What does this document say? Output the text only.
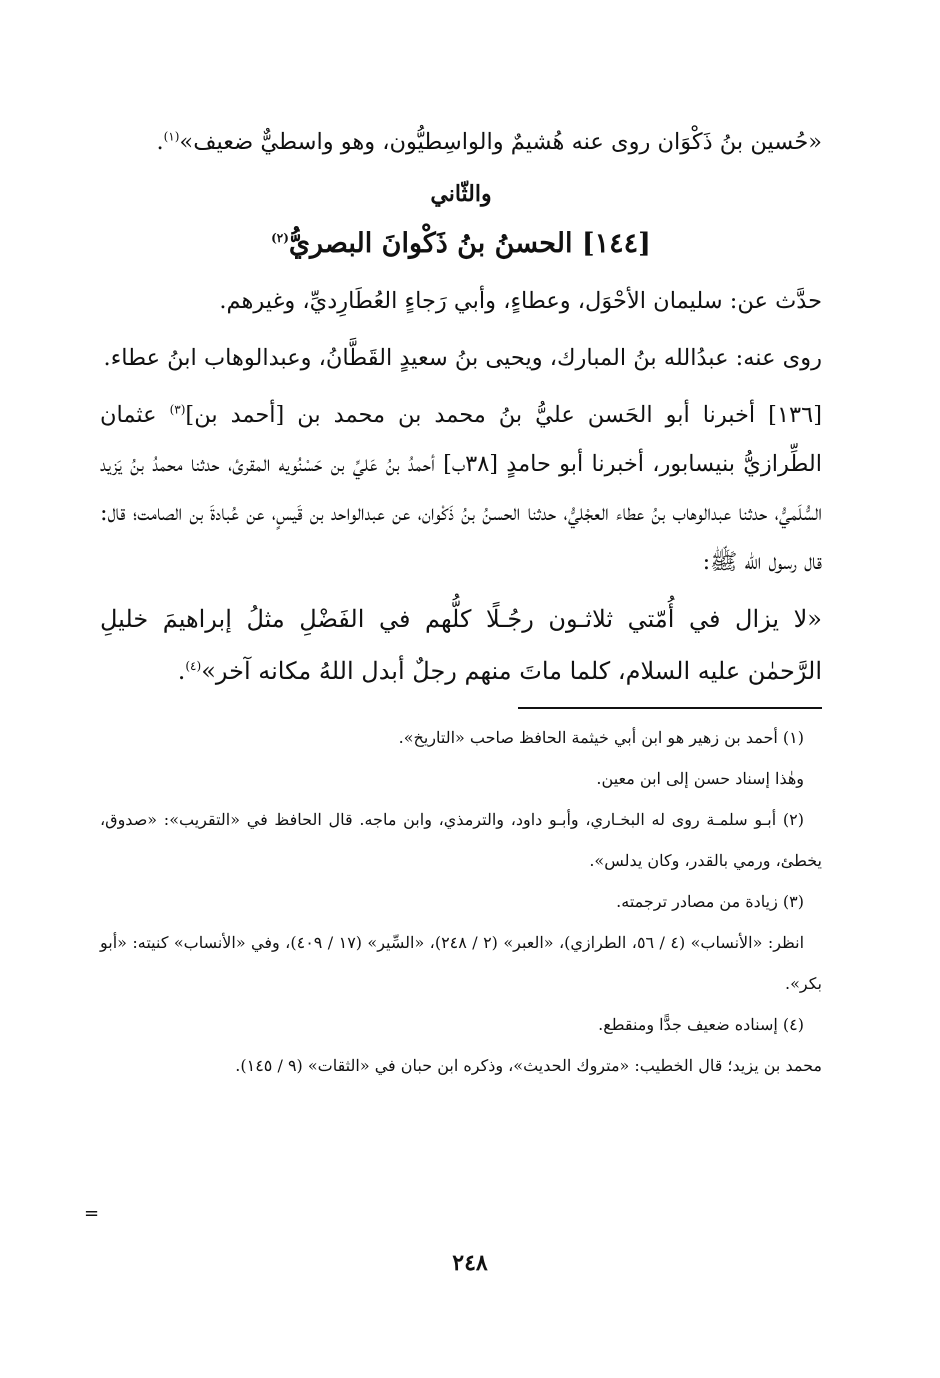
«حُسين بنُ ذَكْوَان روى عنه هُشيمٌ والواسِطيُّون، وهو واسطيٌّ ضعيف»$^{(١)}$.

والثّاني

[١٤٤] الحسنُ بنُ ذَكْوانَ البصريُّ$^{(٢)}$

حدَّث عن: سليمان الأحْوَل، وعطاءٍ، وأبي رَجاءٍ العُطَارِديِّ، وغيرهم.

روى عنه: عبدُالله بنُ المبارك، ويحيى بنُ سعيدٍ القَطَّانُ، وعبدالوهاب ابنُ عطاء.

[١٣٦] أخبرنا أبو الحَسن عليُّ بنُ محمد بن محمد بن [أحمد بن]$^{(٣)}$ عثمان الطِّرازيُّ بنيسابور، أخبرنا أبو حامدٍ [٣٨ب] أحمدُ بنُ عَليِّ بن حَسْنُويه المقرئ، حدثنا محمدُ بنُ يَزيد السُّلَميُّ، حدثنا عبدالوهاب بنُ عطاء العجْليُّ، حدثنا الحسنُ بنُ ذَكْوان، عن عبدالواحد بن قَيسٍ، عن عُبادةَ بن الصامت؛ قال: قال رسول الله ﷺ:

«لا يزال في أُمّتي ثلاثـون رجُـلًا كلُّهم في الفَضْلِ مثلُ إبراهيمَ خليلِ الرَّحمٰن عليه السلام، كلما ماتَ منهم رجلٌ أبدل اللهُ مكانه آخر»$^{(٤)}$.

(١) أحمد بن زهير هو ابن أبي خيثمة الحافظ صاحب «التاريخ».

وهٰذا إسناد حسن إلى ابن معين.

(٢) أبـو سلمـة روى له البخـاري، وأبـو داود، والترمذي، وابن ماجه. قال الحافظ في «التقريب»: «صدوق، يخطئ، ورمي بالقدر، وكان يدلس».

(٣) زيادة من مصادر ترجمته.

انظر: «الأنساب» (٤ / ٥٦، الطرازي)، «العبر» (٢ / ٢٤٨)، «السِّير» (١٧ / ٤٠٩)، وفي «الأنساب» كنيته: «أبو بكر».

(٤) إسناده ضعيف جدًّا ومنقطع.

محمد بن يزيد؛ قال الخطيب: «متروك الحديث»، وذكره ابن حبان في «الثقات» (٩ / ١٤٥).

=
٢٤٨
